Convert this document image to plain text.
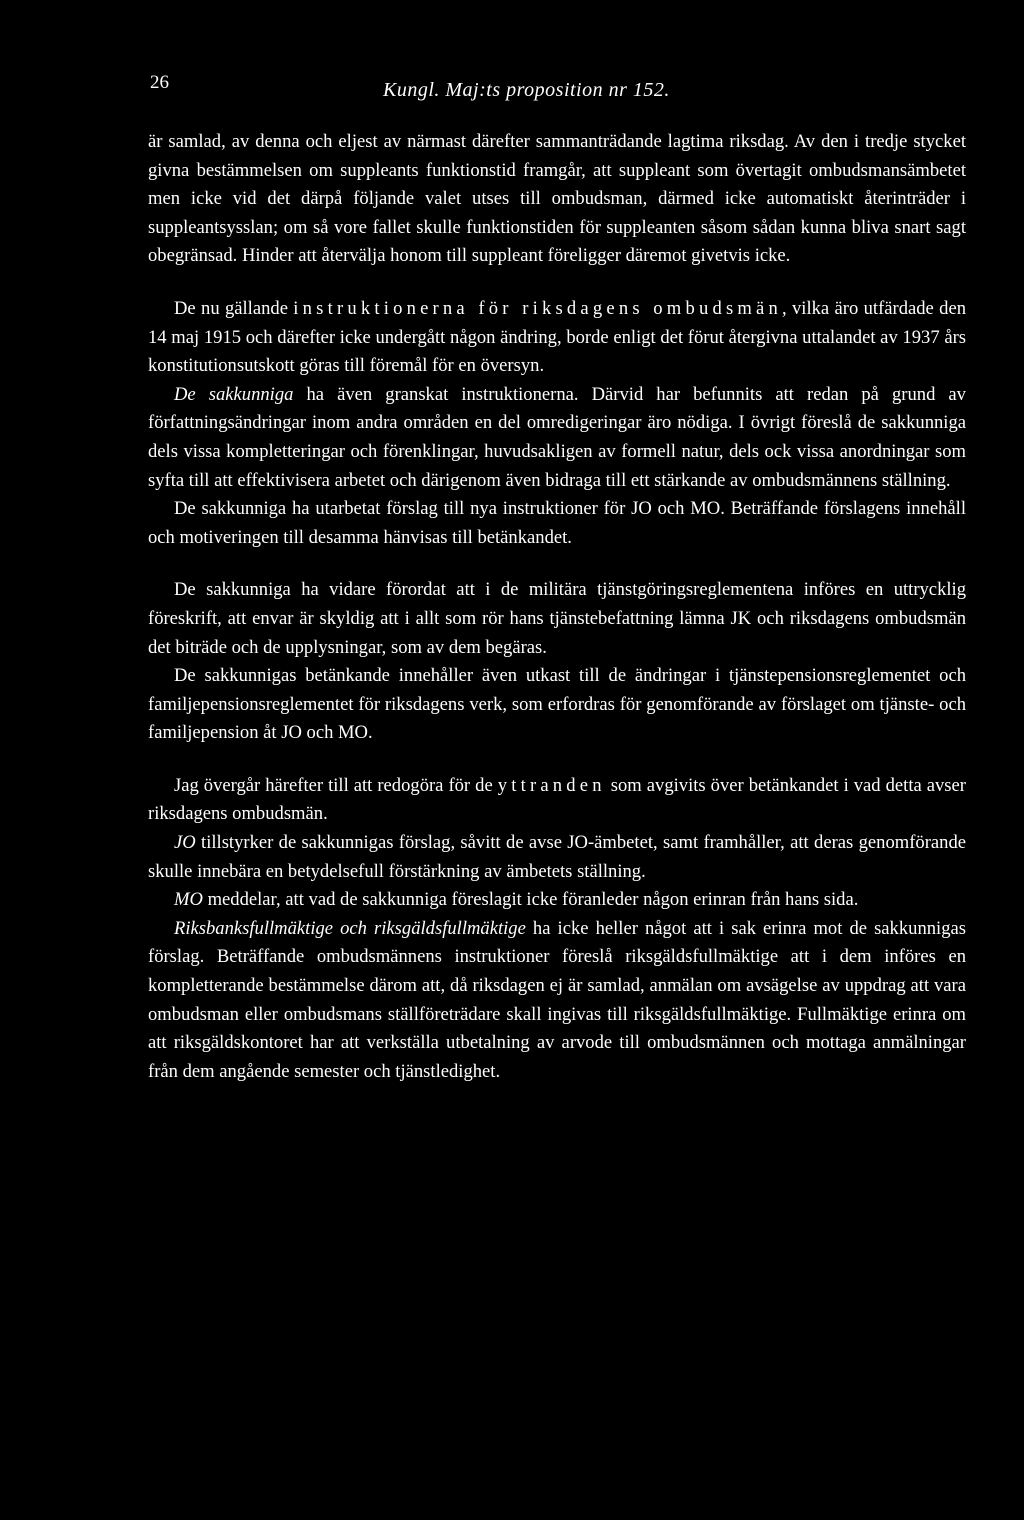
26	Kungl. Maj:ts proposition nr 152.

är samlad, av denna och eljest av närmast därefter sammanträdande lagtima riksdag. Av den i tredje stycket givna bestämmelsen om suppleants funktionstid framgår, att suppleant som övertagit ombudsmansämbetet men icke vid det därpå följande valet utses till ombudsman, därmed icke automatiskt återinträder i suppleantsysslan; om så vore fallet skulle funktionstiden för suppleanten såsom sådan kunna bliva snart sagt obegränsad. Hinder att återvälja honom till suppleant föreligger däremot givetvis icke.

De nu gällande instruktionerna för riksdagens ombudsmän, vilka äro utfärdade den 14 maj 1915 och därefter icke undergått någon ändring, borde enligt det förut återgivna uttalandet av 1937 års konstitutionsutskott göras till föremål för en översyn.

De sakkunniga ha även granskat instruktionerna. Därvid har befunnits att redan på grund av författningsändringar inom andra områden en del omredigeringar äro nödiga. I övrigt föreslå de sakkunniga dels vissa kompletteringar och förenklingar, huvudsakligen av formell natur, dels ock vissa anordningar som syfta till att effektivisera arbetet och därigenom även bidraga till ett stärkande av ombudsmännens ställning.

De sakkunniga ha utarbetat förslag till nya instruktioner för JO och MO. Beträffande förslagens innehåll och motiveringen till desamma hänvisas till betänkandet.

De sakkunniga ha vidare förordat att i de militära tjänstgöringsreglementena införes en uttrycklig föreskrift, att envar är skyldig att i allt som rör hans tjänstebefattning lämna JK och riksdagens ombudsmän det biträde och de upplysningar, som av dem begäras.

De sakkunnigas betänkande innehåller även utkast till de ändringar i tjänstepensionsreglementet och familjepensionsreglementet för riksdagens verk, som erfordras för genomförande av förslaget om tjänste- och familjepension åt JO och MO.

Jag övergår härefter till att redogöra för de yttranden som avgivits över betänkandet i vad detta avser riksdagens ombudsmän.

JO tillstyrker de sakkunnigas förslag, såvitt de avse JO-ämbetet, samt framhåller, att deras genomförande skulle innebära en betydelsefull förstärkning av ämbetets ställning.

MO meddelar, att vad de sakkunniga föreslagit icke föranleder någon erinran från hans sida.

Riksbanksfullmäktige och riksgäldsfullmäktige ha icke heller något att i sak erinra mot de sakkunnigas förslag. Beträffande ombudsmännens instruktioner föreslå riksgäldsfullmäktige att i dem införes en kompletterande bestämmelse därom att, då riksdagen ej är samlad, anmälan om avsägelse av uppdrag att vara ombudsman eller ombudsmans ställföreträdare skall ingivas till riksgäldsfullmäktige. Fullmäktige erinra om att riksgäldskontoret har att verkställa utbetalning av arvode till ombudsmännen och mottaga anmälningar från dem angående semester och tjänstledighet.
